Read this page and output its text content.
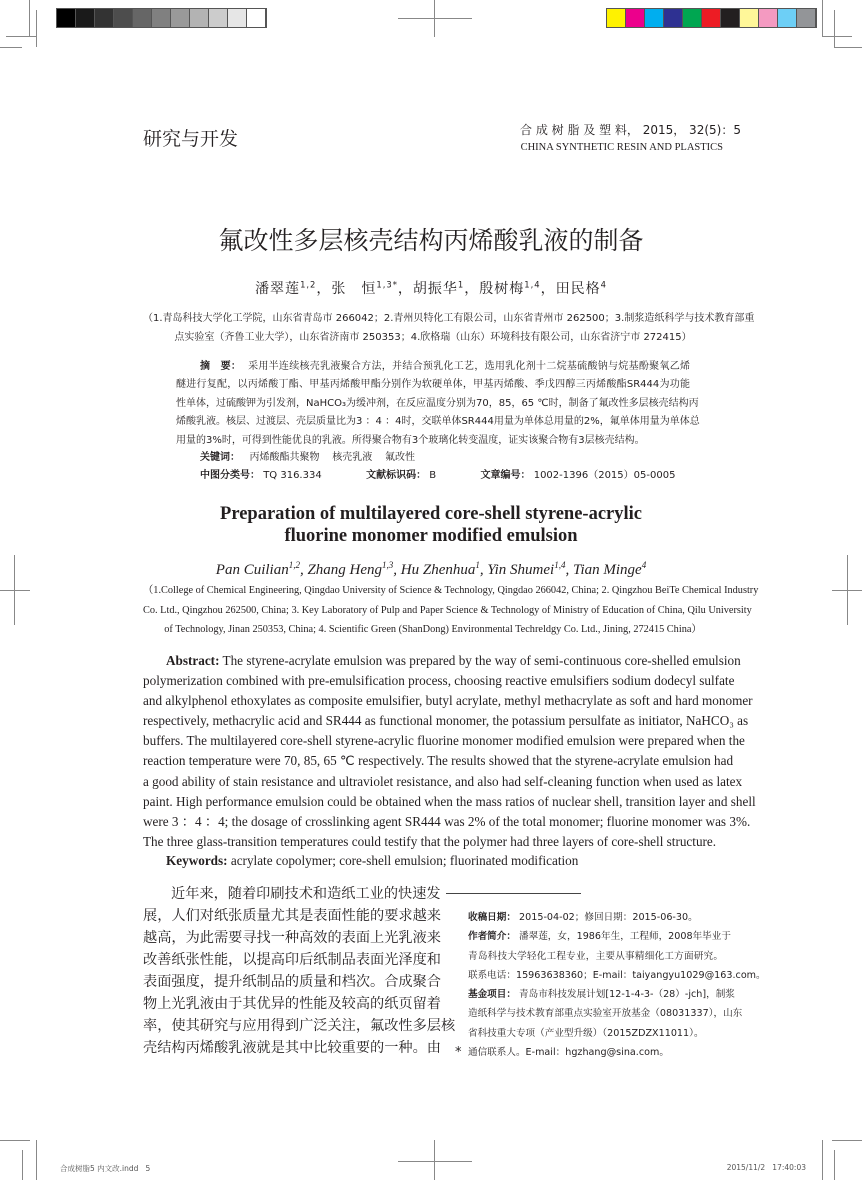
研究与开发	合 成 树 脂 及 塑 料， 2015， 32(5)：5
CHINA SYNTHETIC RESIN AND PLASTICS
氟改性多层核壳结构丙烯酸乳液的制备
潘翠莲$^{1,2}$，张　恒$^{1,3*}$，胡振华$^1$，殷树梅$^{1,4}$，田民格$^4$
（1.青岛科技大学化工学院，山东省青岛市 266042；2.青州贝特化工有限公司，山东省青州市 262500；3.制浆造纸科学与技术教育部重
点实验室（齐鲁工业大学），山东省济南市 250353；4.欣格瑞（山东）环境科技有限公司，山东省济宁市 272415）
摘　要： 采用半连续核壳乳液聚合方法，并结合预乳化工艺，选用乳化剂十二烷基硫酸钠与烷基酚聚氧乙烯
醚进行复配，以丙烯酸丁酯、甲基丙烯酸甲酯分别作为软硬单体，甲基丙烯酸、季戊四醇三丙烯酸酯SR444为功能
性单体，过硫酸钾为引发剂，NaHCO₃为缓冲剂，在反应温度分别为70，85，65 ℃时，制备了氟改性多层核壳结构丙
烯酸乳液。核层、过渡层、壳层质量比为3 ：4 ：4时，交联单体SR444用量为单体总用量的2%，氟单体用量为单体总
用量的3%时，可得到性能优良的乳液。所得聚合物有3个玻璃化转变温度，证实该聚合物有3层核壳结构。
关键词： 丙烯酸酯共聚物 核壳乳液 氟改性
中图分类号： TQ 316.334	文献标识码： B	文章编号： 1002-1396（2015）05-0005
Preparation of multilayered core-shell styrene-acrylic
fluorine monomer modified emulsion
Pan Cuilian$^{1,2}$, Zhang Heng$^{1,3}$, Hu Zhenhua$^1$, Yin Shumei$^{1,4}$, Tian Minge$^4$
（1.College of Chemical Engineering, Qingdao University of Science & Technology, Qingdao 266042, China; 2. Qingzhou BeiTe Chemical Industry
Co. Ltd., Qingzhou 262500, China; 3. Key Laboratory of Pulp and Paper Science & Technology of Ministry of Education of China, Qilu University
of Technology, Jinan 250353, China; 4. Scientific Green (ShanDong) Environmental Techreldgy Co. Ltd., Jining, 272415 China）
Abstract: The styrene-acrylate emulsion was prepared by the way of semi-continuous core-shelled emulsion
polymerization combined with pre-emulsification process, choosing reactive emulsifiers sodium dodecyl sulfate
and alkylphenol ethoxylates as composite emulsifier, butyl acrylate, methyl methacrylate as soft and hard monomer
respectively, methacrylic acid and SR444 as functional monomer, the potassium persulfate as initiator, NaHCO₃ as
buffers. The multilayered core-shell styrene-acrylic fluorine monomer modified emulsion were prepared when the
reaction temperature were 70, 85, 65 ℃ respectively. The results showed that the styrene-acrylate emulsion had
a good ability of stain resistance and ultraviolet resistance, and also had self-cleaning function when used as latex
paint. High performance emulsion could be obtained when the mass ratios of nuclear shell, transition layer and shell
were 3 ：4 ：4; the dosage of crosslinking agent SR444 was 2% of the total monomer; fluorine monomer was 3%.
The three glass-transition temperatures could testify that the polymer had three layers of core-shell structure.
Keywords: acrylate copolymer; core-shell emulsion; fluorinated modification
近年来，随着印刷技术和造纸工业的快速发
展，人们对纸张质量尤其是表面性能的要求越来
越高，为此需要寻找一种高效的表面上光乳液来
改善纸张性能，以提高印后纸制品表面光泽度和
表面强度，提升纸制品的质量和档次。合成聚合
物上光乳液由于其优异的性能及较高的纸页留着
率，使其研究与应用得到广泛关注，氟改性多层核
壳结构丙烯酸乳液就是其中比较重要的一种。由
收稿日期： 2015-04-02；修回日期：2015-06-30。
作者简介： 潘翠莲，女，1986年生，工程师，2008年毕业于
青岛科技大学轻化工程专业，主要从事精细化工方面研究。
联系电话：15963638360；E-mail：taiyangyu1029@163.com。
基金项目： 青岛市科技发展计划[12-1-4-3-（28）-jch]，制浆
造纸科学与技术教育部重点实验室开放基金（08031337），山东
省科技重大专项（产业型升级）（2015ZDZX11011）。
* 通信联系人。E-mail：hgzhang@sina.com。
合成树脂5 内文改.indd   5	2015/11/2   17:40:03
